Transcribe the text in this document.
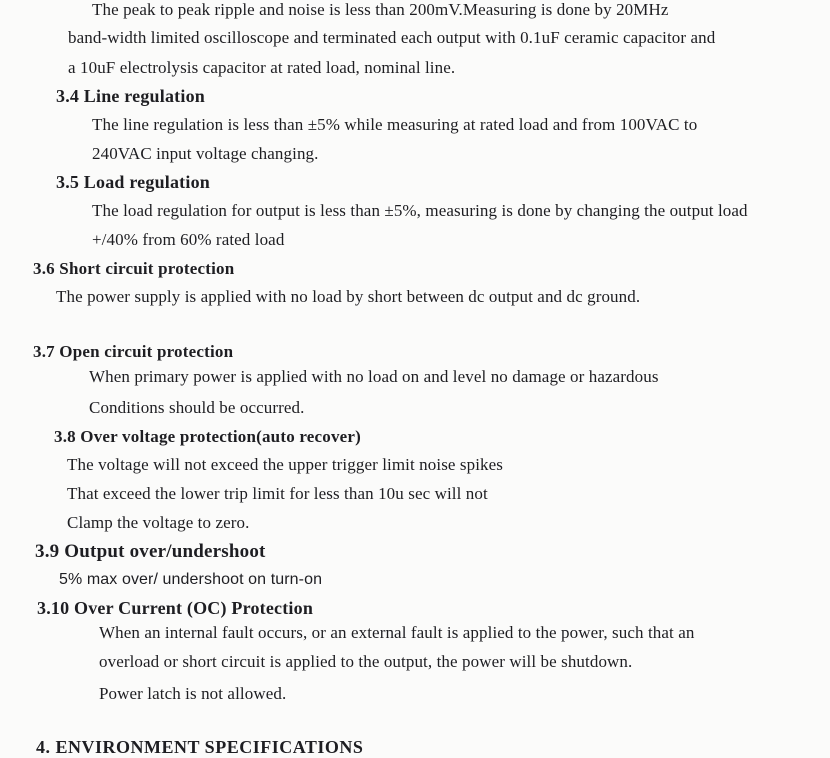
The peak to peak ripple and noise is less than 200mV.Measuring is done by 20MHz
band-width limited oscilloscope and terminated each output with 0.1uF ceramic capacitor and
a 10uF electrolysis capacitor at rated load, nominal line.
3.4 Line regulation
The line regulation is less than ±5% while measuring at rated load and from 100VAC to
240VAC input voltage changing.
3.5 Load regulation
The load regulation for output is less than ±5%, measuring is done by changing the output load
+/40% from 60% rated load
3.6 Short circuit protection
The power supply is applied with no load by short between dc output and dc ground.
3.7 Open circuit protection
When primary power is applied with no load on and level no damage or hazardous
Conditions should be occurred.
3.8 Over voltage protection(auto recover)
The voltage will not exceed the upper trigger limit noise spikes
That exceed the lower trip limit for less than 10u sec will not
Clamp the voltage to zero.
3.9 Output over/undershoot
5% max over/ undershoot on turn-on
3.10 Over Current (OC) Protection
When an internal fault occurs, or an external fault is applied to the power, such that an
overload or short circuit is applied to the output, the power will be shutdown.
Power latch is not allowed.
4. ENVIRONMENT SPECIFICATIONS
